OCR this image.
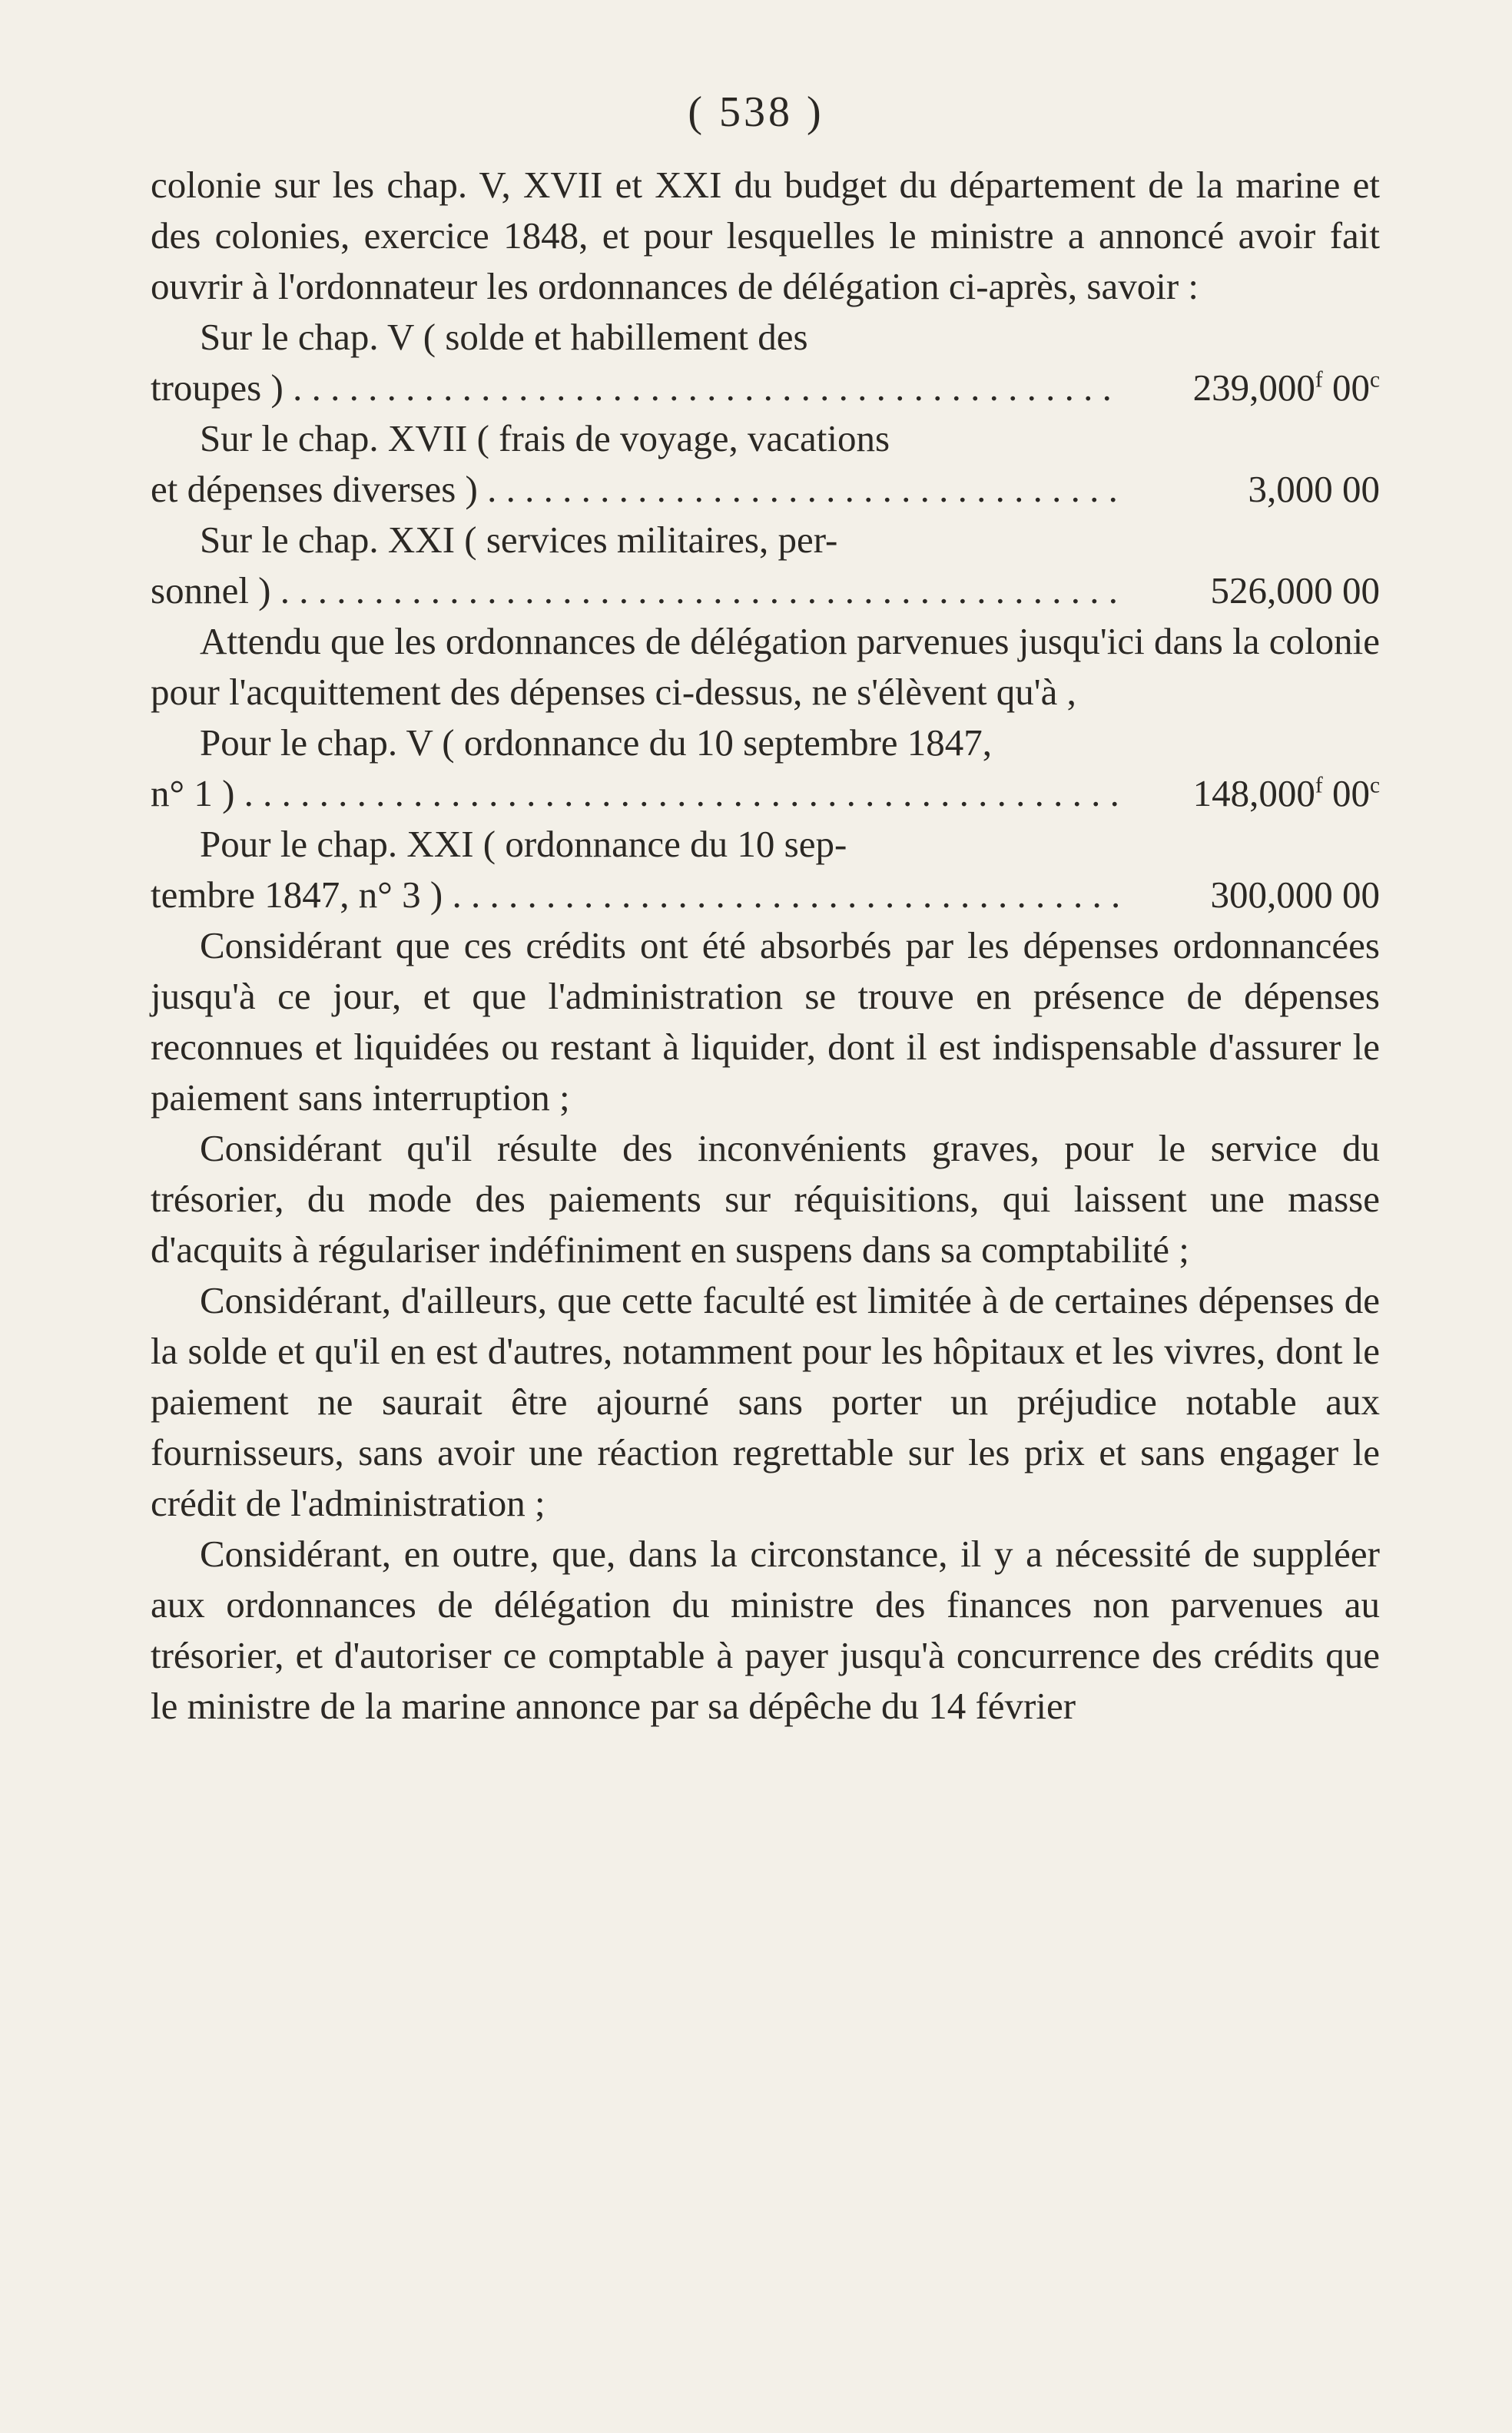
( 538 )

colonie sur les chap. V, XVII et XXI du budget du département de la marine et des colonies, exercice 1848, et pour lesquelles le ministre a annoncé avoir fait ouvrir à l'ordonnateur les ordonnances de délégation ci-après, savoir :

Sur le chap. V ( solde et habillement des
troupes ) . . .	239,000$^f$ 00$^c$
Sur le chap. XVII ( frais de voyage, vacations
et dépenses diverses ) . . .	3,000 00
Sur le chap. XXI ( services militaires, per-
sonnel ) . . .	526,000 00

Attendu que les ordonnances de délégation parvenues jusqu'ici dans la colonie pour l'acquittement des dépenses ci-dessus, ne s'élèvent qu'à ,

Pour le chap. V ( ordonnance du 10 septembre 1847,
n° 1 ) . . .	148,000$^f$ 00$^c$
Pour le chap. XXI ( ordonnance du 10 sep-
tembre 1847, n° 3 ) . . .	300,000 00

Considérant que ces crédits ont été absorbés par les dépenses ordonnancées jusqu'à ce jour, et que l'administration se trouve en présence de dépenses reconnues et liquidées ou restant à liquider, dont il est indispensable d'assurer le paiement sans interruption ;

Considérant qu'il résulte des inconvénients graves, pour le service du trésorier, du mode des paiements sur réquisitions, qui laissent une masse d'acquits à régulariser indéfiniment en suspens dans sa comptabilité ;

Considérant, d'ailleurs, que cette faculté est limitée à de certaines dépenses de la solde et qu'il en est d'autres, notamment pour les hôpitaux et les vivres, dont le paiement ne saurait être ajourné sans porter un préjudice notable aux fournisseurs, sans avoir une réaction regrettable sur les prix et sans engager le crédit de l'administration ;

Considérant, en outre, que, dans la circonstance, il y a nécessité de suppléer aux ordonnances de délégation du ministre des finances non parvenues au trésorier, et d'autoriser ce comptable à payer jusqu'à concurrence des crédits que le ministre de la marine annonce par sa dépêche du 14 février
